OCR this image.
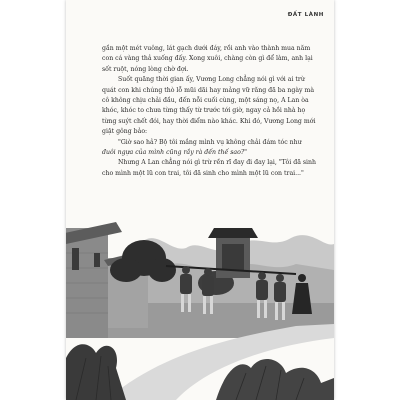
ĐẤT LÀNH
gần một mét vuông, lát gạch dưới đáy, rồi anh vào thành mua năm
con cá vàng thả xuống đấy. Xong xuôi, chàng còn gì để làm, anh lại
sốt ruột, nóng lòng chờ đợi.
Suốt quãng thời gian ấy, Vương Long chẳng nói gì với ai trừ
quát con khi chúng thò lỗ mũi dãi hay mảng vữ răng đã ba ngày mà
cô không chịu chải đầu, đến nỗi cuối cùng, một sáng nọ, A Lan òa
khóc, khóc to chưa từng thấy từ trước tới giờ, ngay cả hồi nhà họ
từng suýt chết đói, hay thời điểm nào khác. Khi đó, Vương Long mới
giật gông bảo:
"Giờ sao hả? Bộ tôi mắng mình vụ không chải đám tóc như
đuôi ngựa của mình cũng rầy rà đến thế sao?"
Nhưng A Lan chẳng nói gì trừ rền rĩ đay đi đay lại, "Tôi đã sinh
cho mình một lũ con trai, tôi đã sinh cho mình một lũ con trai..."
